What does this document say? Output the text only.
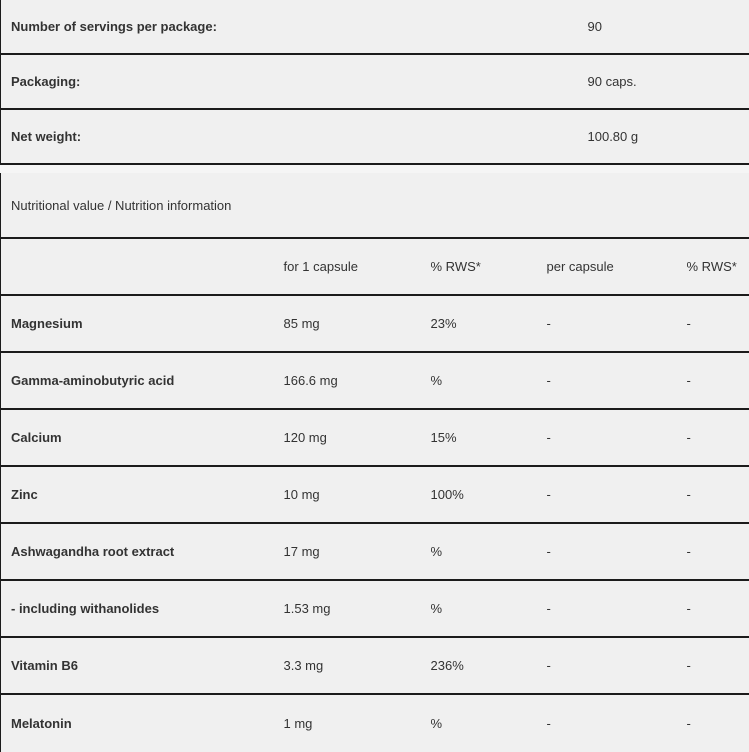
Number of servings per package:	90
Packaging:	90 caps.
Net weight:	100.80 g
Nutritional value / Nutrition information				
	for 1 capsule	% RWS*	per capsule	% RWS*
Magnesium	85 mg	23%	-	-
Gamma-aminobutyric acid	166.6 mg	%	-	-
Calcium	120 mg	15%	-	-
Zinc	10 mg	100%	-	-
Ashwagandha root extract	17 mg	%	-	-
- including withanolides	1.53 mg	%	-	-
Vitamin B6	3.3 mg	236%	-	-
Melatonin	1 mg	%	-	-
